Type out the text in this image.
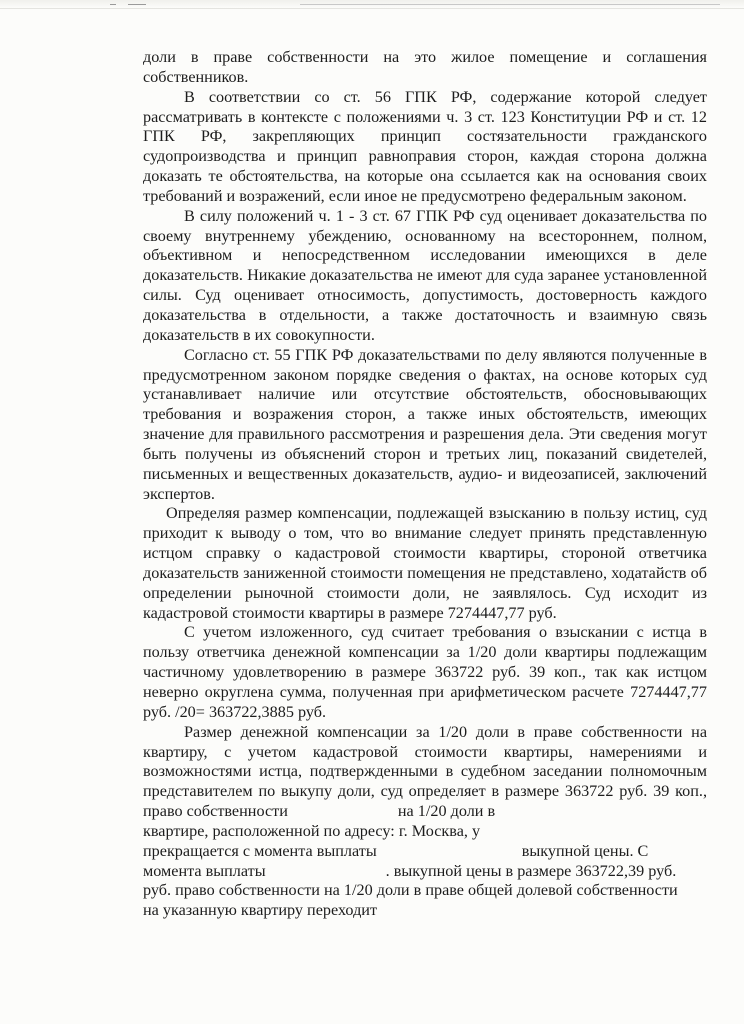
доли в праве собственности на это жилое помещение и соглашения собственников.

В соответствии со ст. 56 ГПК РФ, содержание которой следует рассматривать в контексте с положениями ч. 3 ст. 123 Конституции РФ и ст. 12 ГПК РФ, закрепляющих принцип состязательности гражданского судопроизводства и принцип равноправия сторон, каждая сторона должна доказать те обстоятельства, на которые она ссылается как на основания своих требований и возражений, если иное не предусмотрено федеральным законом.

В силу положений ч. 1 - 3 ст. 67 ГПК РФ суд оценивает доказательства по своему внутреннему убеждению, основанному на всестороннем, полном, объективном и непосредственном исследовании имеющихся в деле доказательств. Никакие доказательства не имеют для суда заранее установленной силы. Суд оценивает относимость, допустимость, достоверность каждого доказательства в отдельности, а также достаточность и взаимную связь доказательств в их совокупности.

Согласно ст. 55 ГПК РФ доказательствами по делу являются полученные в предусмотренном законом порядке сведения о фактах, на основе которых суд устанавливает наличие или отсутствие обстоятельств, обосновывающих требования и возражения сторон, а также иных обстоятельств, имеющих значение для правильного рассмотрения и разрешения дела. Эти сведения могут быть получены из объяснений сторон и третьих лиц, показаний свидетелей, письменных и вещественных доказательств, аудио- и видеозаписей, заключений экспертов.

Определяя размер компенсации, подлежащей взысканию в пользу истиц, суд приходит к выводу о том, что во внимание следует принять представленную истцом справку о кадастровой стоимости квартиры, стороной ответчика доказательств заниженной стоимости помещения не представлено, ходатайств об определении рыночной стоимости доли, не заявлялось. Суд исходит из кадастровой стоимости квартиры в размере 7274447,77 руб.

С учетом изложенного, суд считает требования о взыскании с истца в пользу ответчика денежной компенсации за 1/20 доли квартиры подлежащим частичному удовлетворению в размере 363722 руб. 39 коп., так как истцом неверно округлена сумма, полученная при арифметическом расчете 7274447,77 руб. /20= 363722,3885 руб.

Размер денежной компенсации за 1/20 доли в праве собственности на квартиру, с учетом кадастровой стоимости квартиры, намерениями и возможностями истца, подтвержденными в судебном заседании полномочным представителем по выкупу доли, суд определяет в размере 363722 руб. 39 коп., право собственности	на 1/20 доли в

квартире, расположенной по адресу: г. Москва, у

прекращается с момента выплаты	выкупной цены. С

момента выплаты	. выкупной цены в размере 363722,39 руб.

руб. право собственности на 1/20 доли в праве общей долевой собственности

на указанную квартиру переходит
